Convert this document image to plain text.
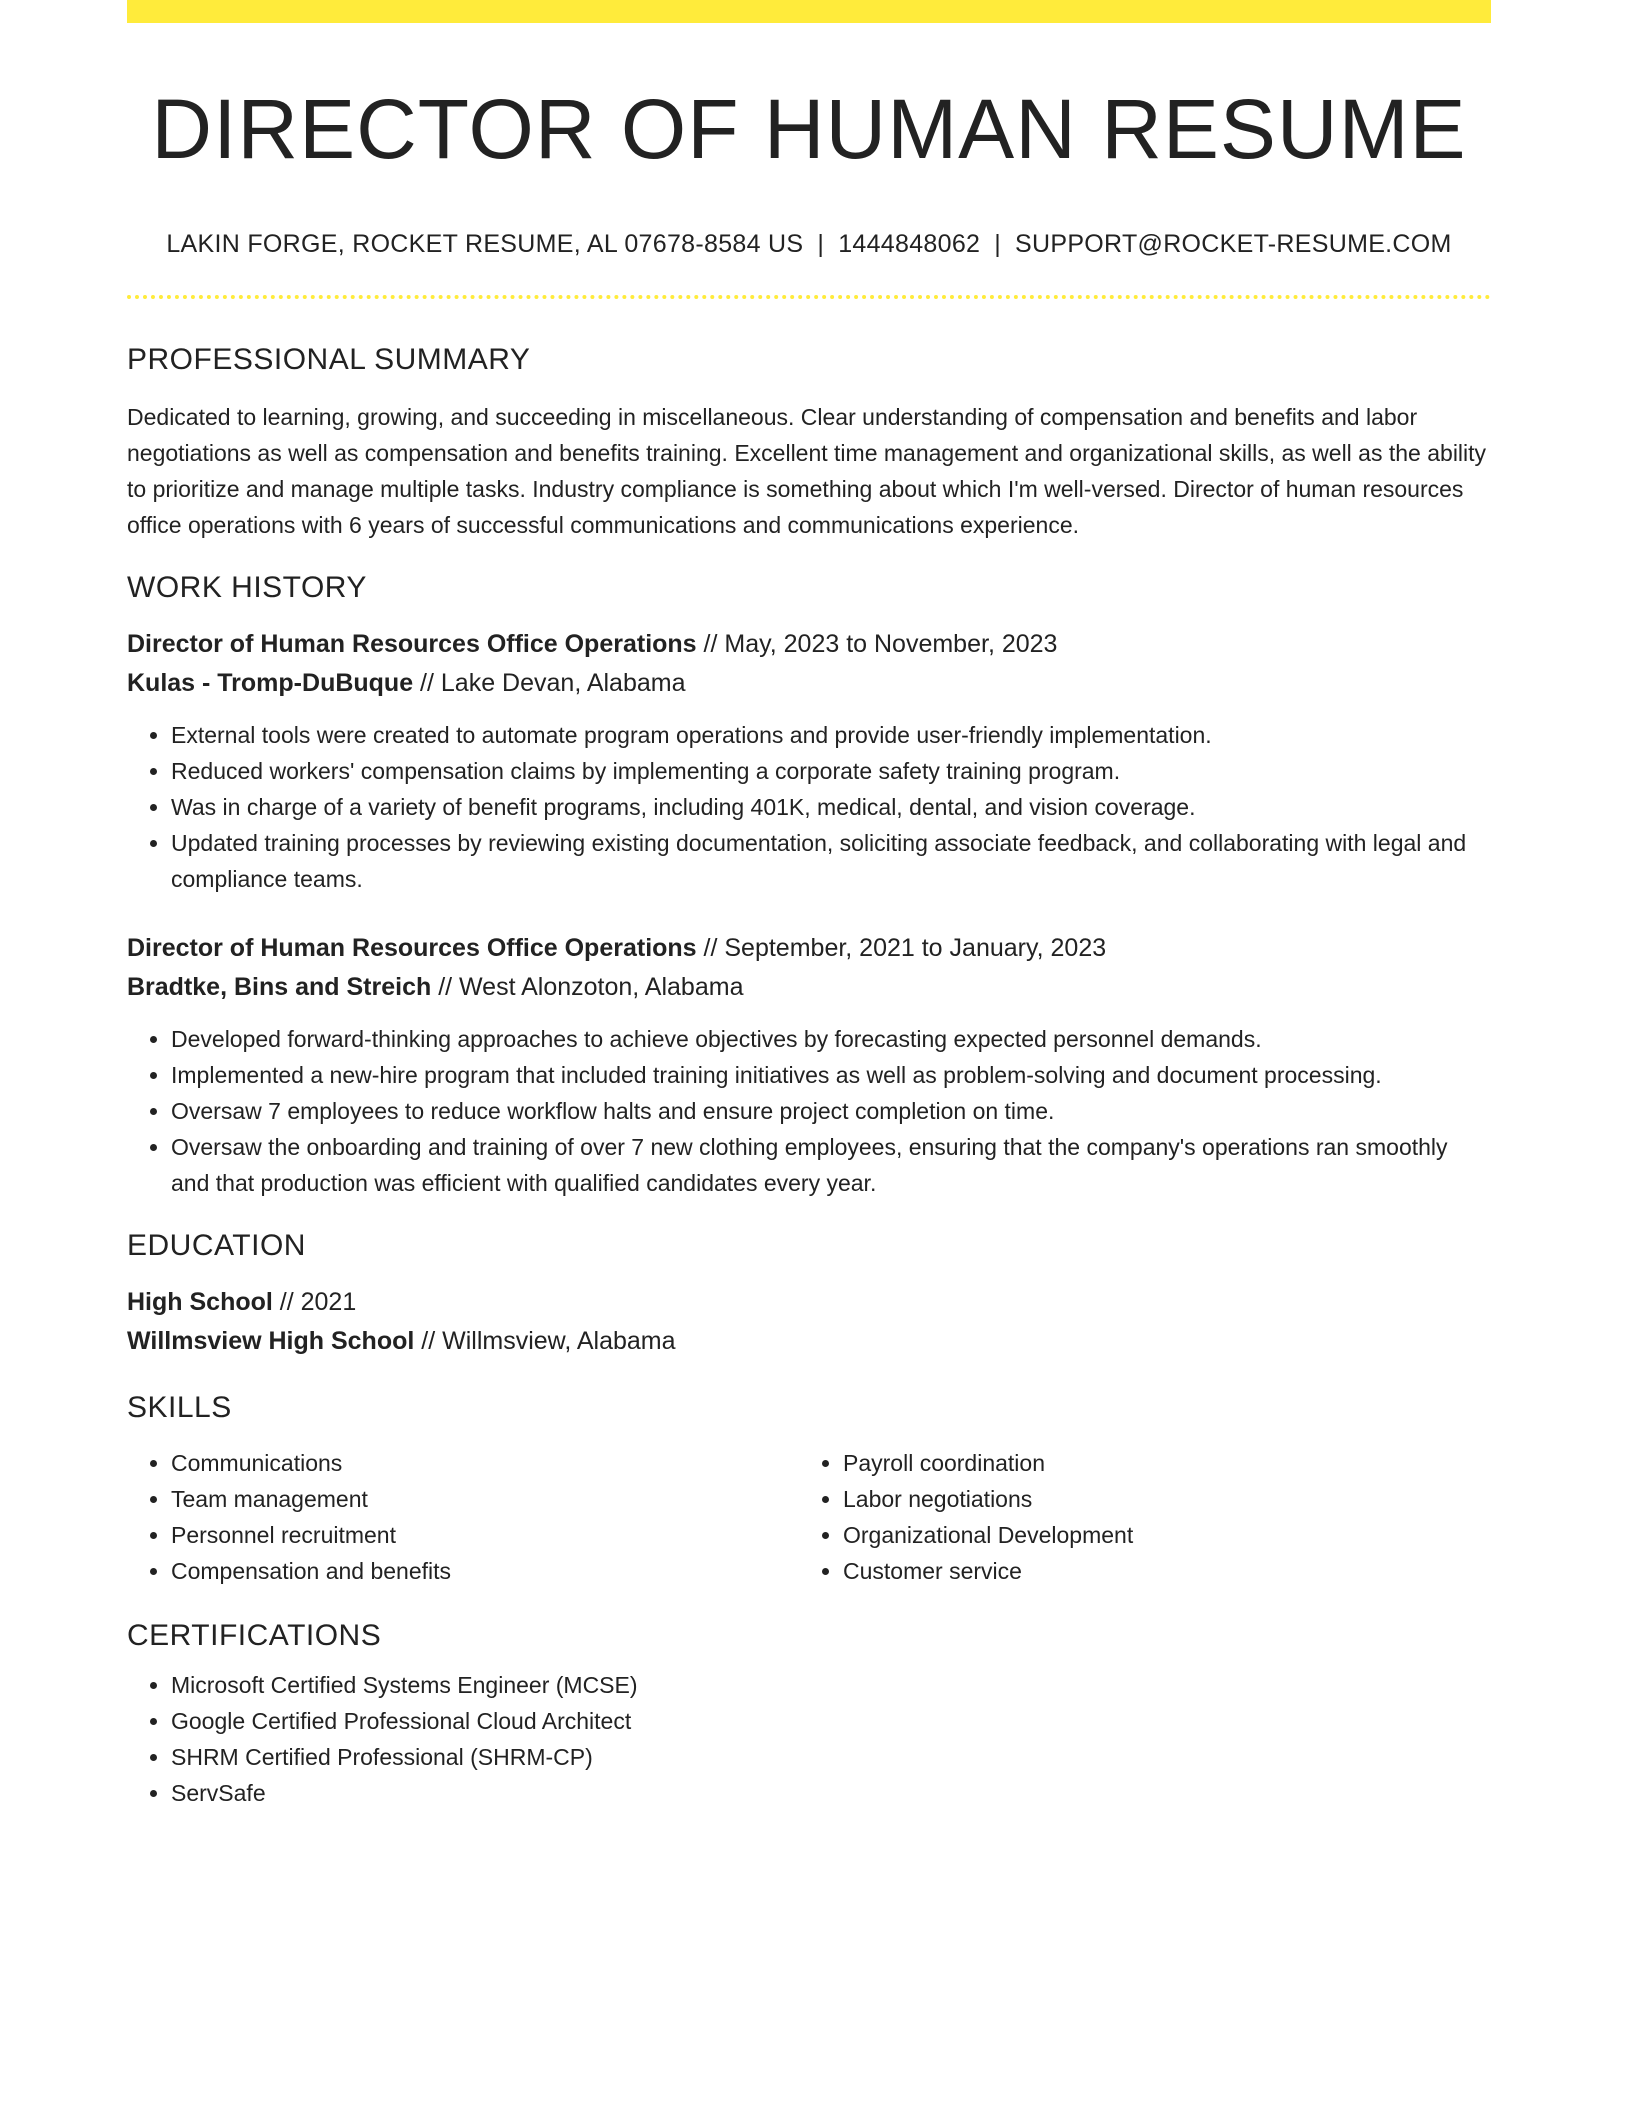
DIRECTOR OF HUMAN RESUME
LAKIN FORGE, ROCKET RESUME, AL 07678-8584 US | 1444848062 | SUPPORT@ROCKET-RESUME.COM
PROFESSIONAL SUMMARY
Dedicated to learning, growing, and succeeding in miscellaneous. Clear understanding of compensation and benefits and labor negotiations as well as compensation and benefits training. Excellent time management and organizational skills, as well as the ability to prioritize and manage multiple tasks. Industry compliance is something about which I'm well-versed. Director of human resources office operations with 6 years of successful communications and communications experience.
WORK HISTORY
Director of Human Resources Office Operations // May, 2023 to November, 2023
Kulas - Tromp-DuBuque // Lake Devan, Alabama
• External tools were created to automate program operations and provide user-friendly implementation.
• Reduced workers' compensation claims by implementing a corporate safety training program.
• Was in charge of a variety of benefit programs, including 401K, medical, dental, and vision coverage.
• Updated training processes by reviewing existing documentation, soliciting associate feedback, and collaborating with legal and compliance teams.
Director of Human Resources Office Operations // September, 2021 to January, 2023
Bradtke, Bins and Streich // West Alonzoton, Alabama
• Developed forward-thinking approaches to achieve objectives by forecasting expected personnel demands.
• Implemented a new-hire program that included training initiatives as well as problem-solving and document processing.
• Oversaw 7 employees to reduce workflow halts and ensure project completion on time.
• Oversaw the onboarding and training of over 7 new clothing employees, ensuring that the company's operations ran smoothly and that production was efficient with qualified candidates every year.
EDUCATION
High School // 2021
Willmsview High School // Willmsview, Alabama
SKILLS
• Communications
• Team management
• Personnel recruitment
• Compensation and benefits
• Payroll coordination
• Labor negotiations
• Organizational Development
• Customer service
CERTIFICATIONS
• Microsoft Certified Systems Engineer (MCSE)
• Google Certified Professional Cloud Architect
• SHRM Certified Professional (SHRM-CP)
• ServSafe
